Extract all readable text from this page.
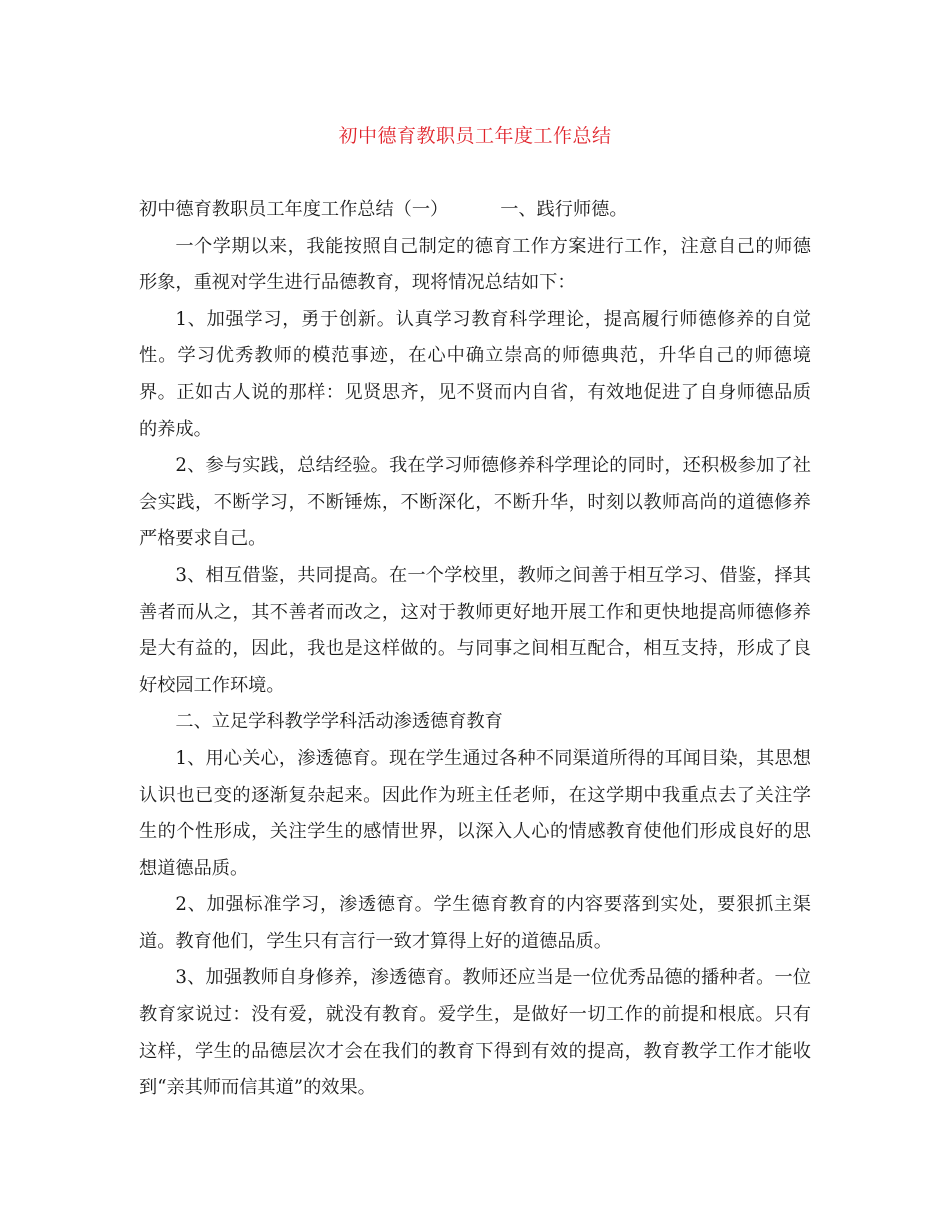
初中德育教职员工年度工作总结

初中德育教职员工年度工作总结（一）	一、践行师德。

一个学期以来，我能按照自己制定的德育工作方案进行工作，注意自己的师德形象，重视对学生进行品德教育，现将情况总结如下：

1、加强学习，勇于创新。认真学习教育科学理论，提高履行师德修养的自觉性。学习优秀教师的模范事迹，在心中确立崇高的师德典范，升华自己的师德境界。正如古人说的那样：见贤思齐，见不贤而内自省，有效地促进了自身师德品质的养成。

2、参与实践，总结经验。我在学习师德修养科学理论的同时，还积极参加了社会实践，不断学习，不断锤炼，不断深化，不断升华，时刻以教师高尚的道德修养严格要求自己。

3、相互借鉴，共同提高。在一个学校里，教师之间善于相互学习、借鉴，择其善者而从之，其不善者而改之，这对于教师更好地开展工作和更快地提高师德修养是大有益的，因此，我也是这样做的。与同事之间相互配合，相互支持，形成了良好校园工作环境。

二、立足学科教学学科活动渗透德育教育

1、用心关心，渗透德育。现在学生通过各种不同渠道所得的耳闻目染，其思想认识也已变的逐渐复杂起来。因此作为班主任老师，在这学期中我重点去了关注学生的个性形成，关注学生的感情世界，以深入人心的情感教育使他们形成良好的思想道德品质。

2、加强标准学习，渗透德育。学生德育教育的内容要落到实处，要狠抓主渠道。教育他们，学生只有言行一致才算得上好的道德品质。

3、加强教师自身修养，渗透德育。教师还应当是一位优秀品德的播种者。一位教育家说过：没有爱，就没有教育。爱学生，是做好一切工作的前提和根底。只有这样，学生的品德层次才会在我们的教育下得到有效的提高，教育教学工作才能收到“亲其师而信其道”的效果。
